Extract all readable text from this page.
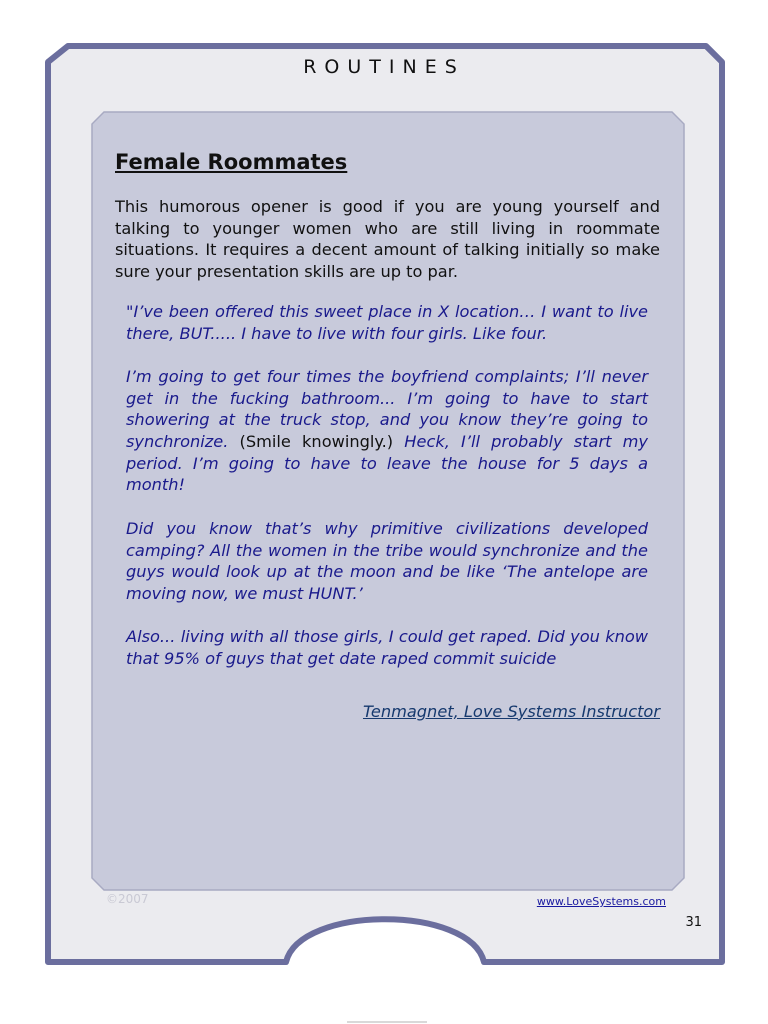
ROUTINES
Female Roommates

This humorous opener is good if you are young yourself and talking to younger women who are still living in roommate situations. It requires a decent amount of talking initially so make sure your presentation skills are up to par.

"I’ve been offered this sweet place in X location… I want to live there, BUT..... I have to live with four girls. Like four.

I’m going to get four times the boyfriend complaints; I’ll never get in the fucking bathroom... I’m going to have to start showering at the truck stop, and you know they’re going to synchronize. (Smile knowingly.) Heck, I’ll probably start my period. I’m going to have to leave the house for 5 days a month!

Did you know that’s why primitive civilizations developed camping? All the women in the tribe would synchronize and the guys would look up at the moon and be like ‘The antelope are moving now, we must HUNT.’

Also... living with all those girls, I could get raped. Did you know that 95% of guys that get date raped commit suicide

Tenmagnet, Love Systems Instructor
©2007	www.LoveSystems.com
31
